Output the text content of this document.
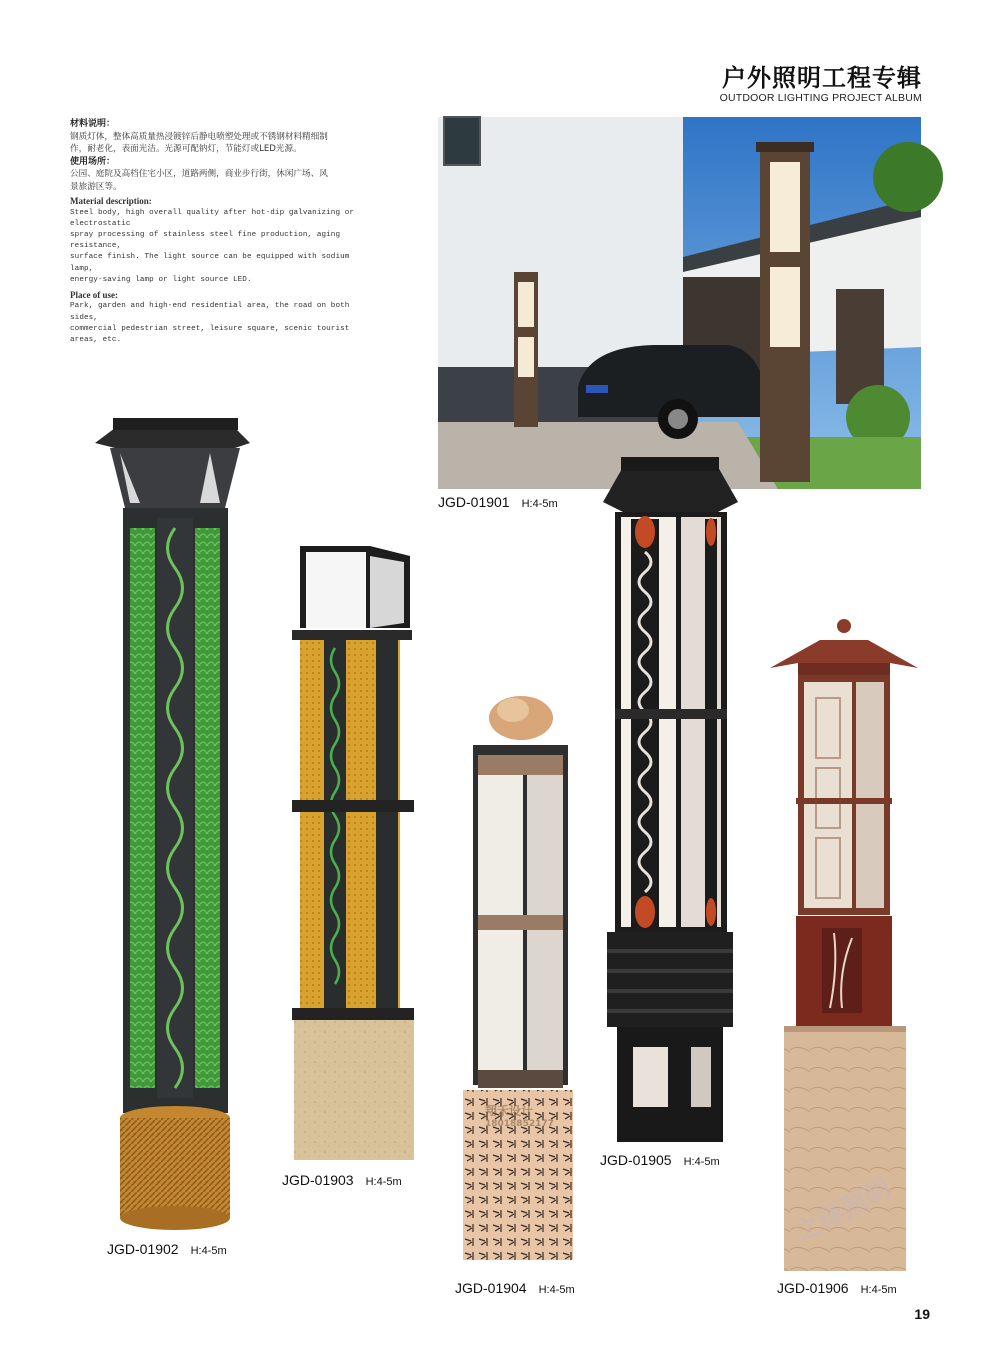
户外照明工程专辑
OUTDOOR LIGHTING PROJECT ALBUM
材料说明：
钢质灯体，整体高质量热浸镀锌后静电喷塑处理或不锈钢材料精细制
作，耐老化，表面光洁。光源可配钠灯，节能灯或LED光源。
使用场所：
公园、庭院及高档住宅小区，道路两侧，商业步行街，休闲广场、风
景旅游区等。
Material description:
Steel body, high overall quality after hot-dip galvanizing or electrostatic
spray processing of stainless steel fine production, aging resistance,
surface finish. The light source can be equipped with sodium lamp,
energy-saving lamp or light source LED.
Place of use:
Park, garden and high-end residential area, the road on both sides,
commercial pedestrian street, leisure square, scenic tourist areas, etc.
JGD-01901 H:4-5m
JGD-01902 H:4-5m
JGD-01903 H:4-5m
JGD-01904 H:4-5m
JGD-01905 H:4-5m
JGD-01906 H:4-5m
翔禾设计
18018852177
之泽照明
19
